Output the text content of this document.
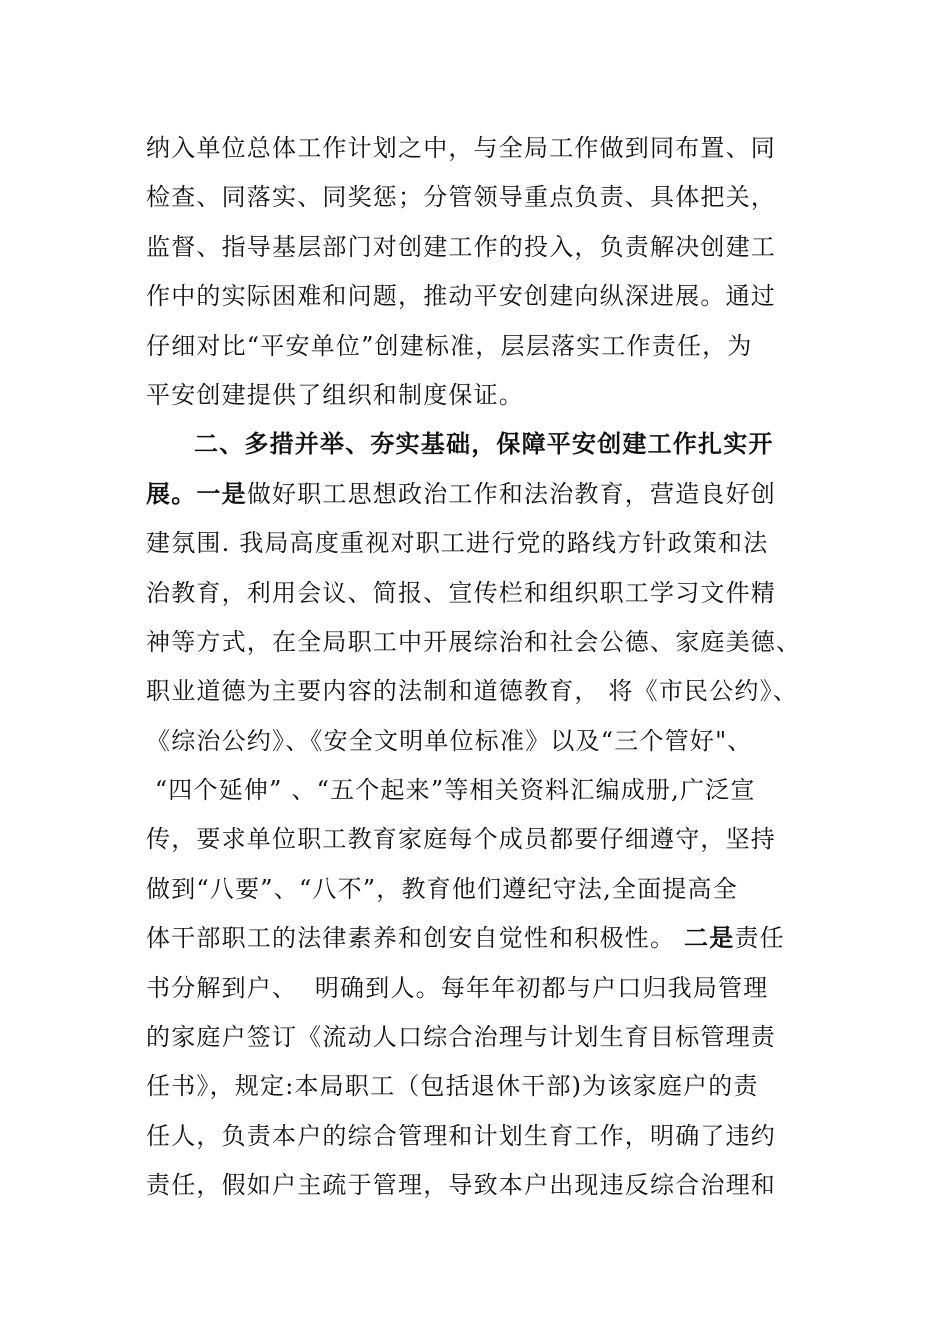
纳入单位总体工作计划之中，与全局工作做到同布置、同
检查、同落实、同奖惩；分管领导重点负责、具体把关，
监督、指导基层部门对创建工作的投入，负责解决创建工
作中的实际困难和问题，推动平安创建向纵深进展。通过
仔细对比“平安单位”创建标准，层层落实工作责任，为
平安创建提供了组织和制度保证。
二、多措并举、夯实基础，保障平安创建工作扎实开
展。一是做好职工思想政治工作和法治教育，营造良好创
建氛围. 我局高度重视对职工进行党的路线方针政策和法
治教育，利用会议、简报、宣传栏和组织职工学习文件精
神等方式，在全局职工中开展综治和社会公德、家庭美德、
职业道德为主要内容的法制和道德教育， 将《市民公约》、
《综治公约》、《安全文明单位标准》以及“三个管好"、
“四个延伸” 、“五个起来”等相关资料汇编成册,广泛宣
传，要求单位职工教育家庭每个成员都要仔细遵守，坚持
做到“八要”、“八不”，教育他们遵纪守法,全面提高全
体干部职工的法律素养和创安自觉性和积极性。 二是责任
书分解到户、  明确到人。每年年初都与户口归我局管理
的家庭户签订《流动人口综合治理与计划生育目标管理责
任书》，规定:本局职工（包括退休干部)为该家庭户的责
任人，负责本户的综合管理和计划生育工作，明确了违约
责任，假如户主疏于管理，导致本户出现违反综合治理和
